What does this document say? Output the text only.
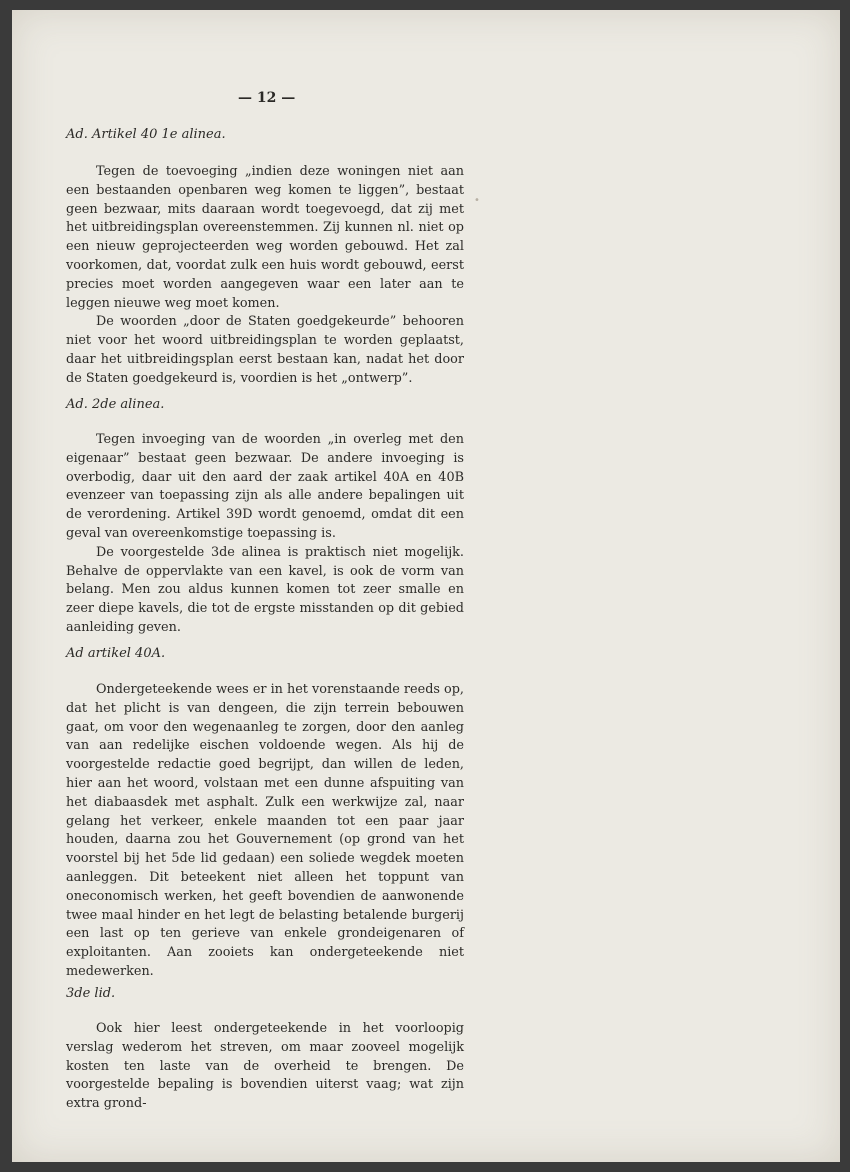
— 12 —
Ad. Artikel 40 1e alinea.

Tegen de toevoeging „indien deze woningen niet aan een bestaanden openbaren weg komen te liggen”, bestaat geen bezwaar, mits daaraan wordt toegevoegd, dat zij met het uitbreidingsplan overeenstemmen. Zij kunnen nl. niet op een nieuw geprojecteerden weg worden gebouwd. Het zal voorkomen, dat, voordat zulk een huis wordt gebouwd, eerst precies moet worden aangegeven waar een later aan te leggen nieuwe weg moet komen.

De woorden „door de Staten goedgekeurde” behooren niet voor het woord uitbreidingsplan te worden geplaatst, daar het uitbreidingsplan eerst bestaan kan, nadat het door de Staten goedgekeurd is, voordien is het „ontwerp”.

Ad. 2de alinea.

Tegen invoeging van de woorden „in overleg met den eigenaar” bestaat geen bezwaar. De andere invoeging is overbodig, daar uit den aard der zaak artikel 40A en 40B evenzeer van toepassing zijn als alle andere bepalingen uit de verordening. Artikel 39D wordt genoemd, omdat dit een geval van overeenkomstige toepassing is.

De voorgestelde 3de alinea is praktisch niet mogelijk. Behalve de oppervlakte van een kavel, is ook de vorm van belang. Men zou aldus kunnen komen tot zeer smalle en zeer diepe kavels, die tot de ergste misstanden op dit gebied aanleiding geven.

Ad artikel 40A.

Ondergeteekende wees er in het vorenstaande reeds op, dat het plicht is van dengeen, die zijn terrein bebouwen gaat, om voor den wegenaanleg te zorgen, door den aanleg van aan redelijke eischen voldoende wegen. Als hij de voorgestelde redactie goed begrijpt, dan willen de leden, hier aan het woord, volstaan met een dunne afspuiting van het diabaasdek met asphalt. Zulk een werkwijze zal, naar gelang het verkeer, enkele maanden tot een paar jaar houden, daarna zou het Gouvernement (op grond van het voorstel bij het 5de lid gedaan) een soliede wegdek moeten aanleggen. Dit beteekent niet alleen het toppunt van oneconomisch werken, het geeft bovendien de aanwonende twee maal hinder en het legt de belasting betalende burgerij een last op ten gerieve van enkele grondeigenaren of exploitanten. Aan zooiets kan ondergeteekende niet medewerken.

3de lid.

Ook hier leest ondergeteekende in het voorloopig verslag wederom het streven, om maar zooveel mogelijk kosten ten laste van de overheid te brengen. De voorgestelde bepaling is bovendien uiterst vaag; wat zijn extra grond-

•
